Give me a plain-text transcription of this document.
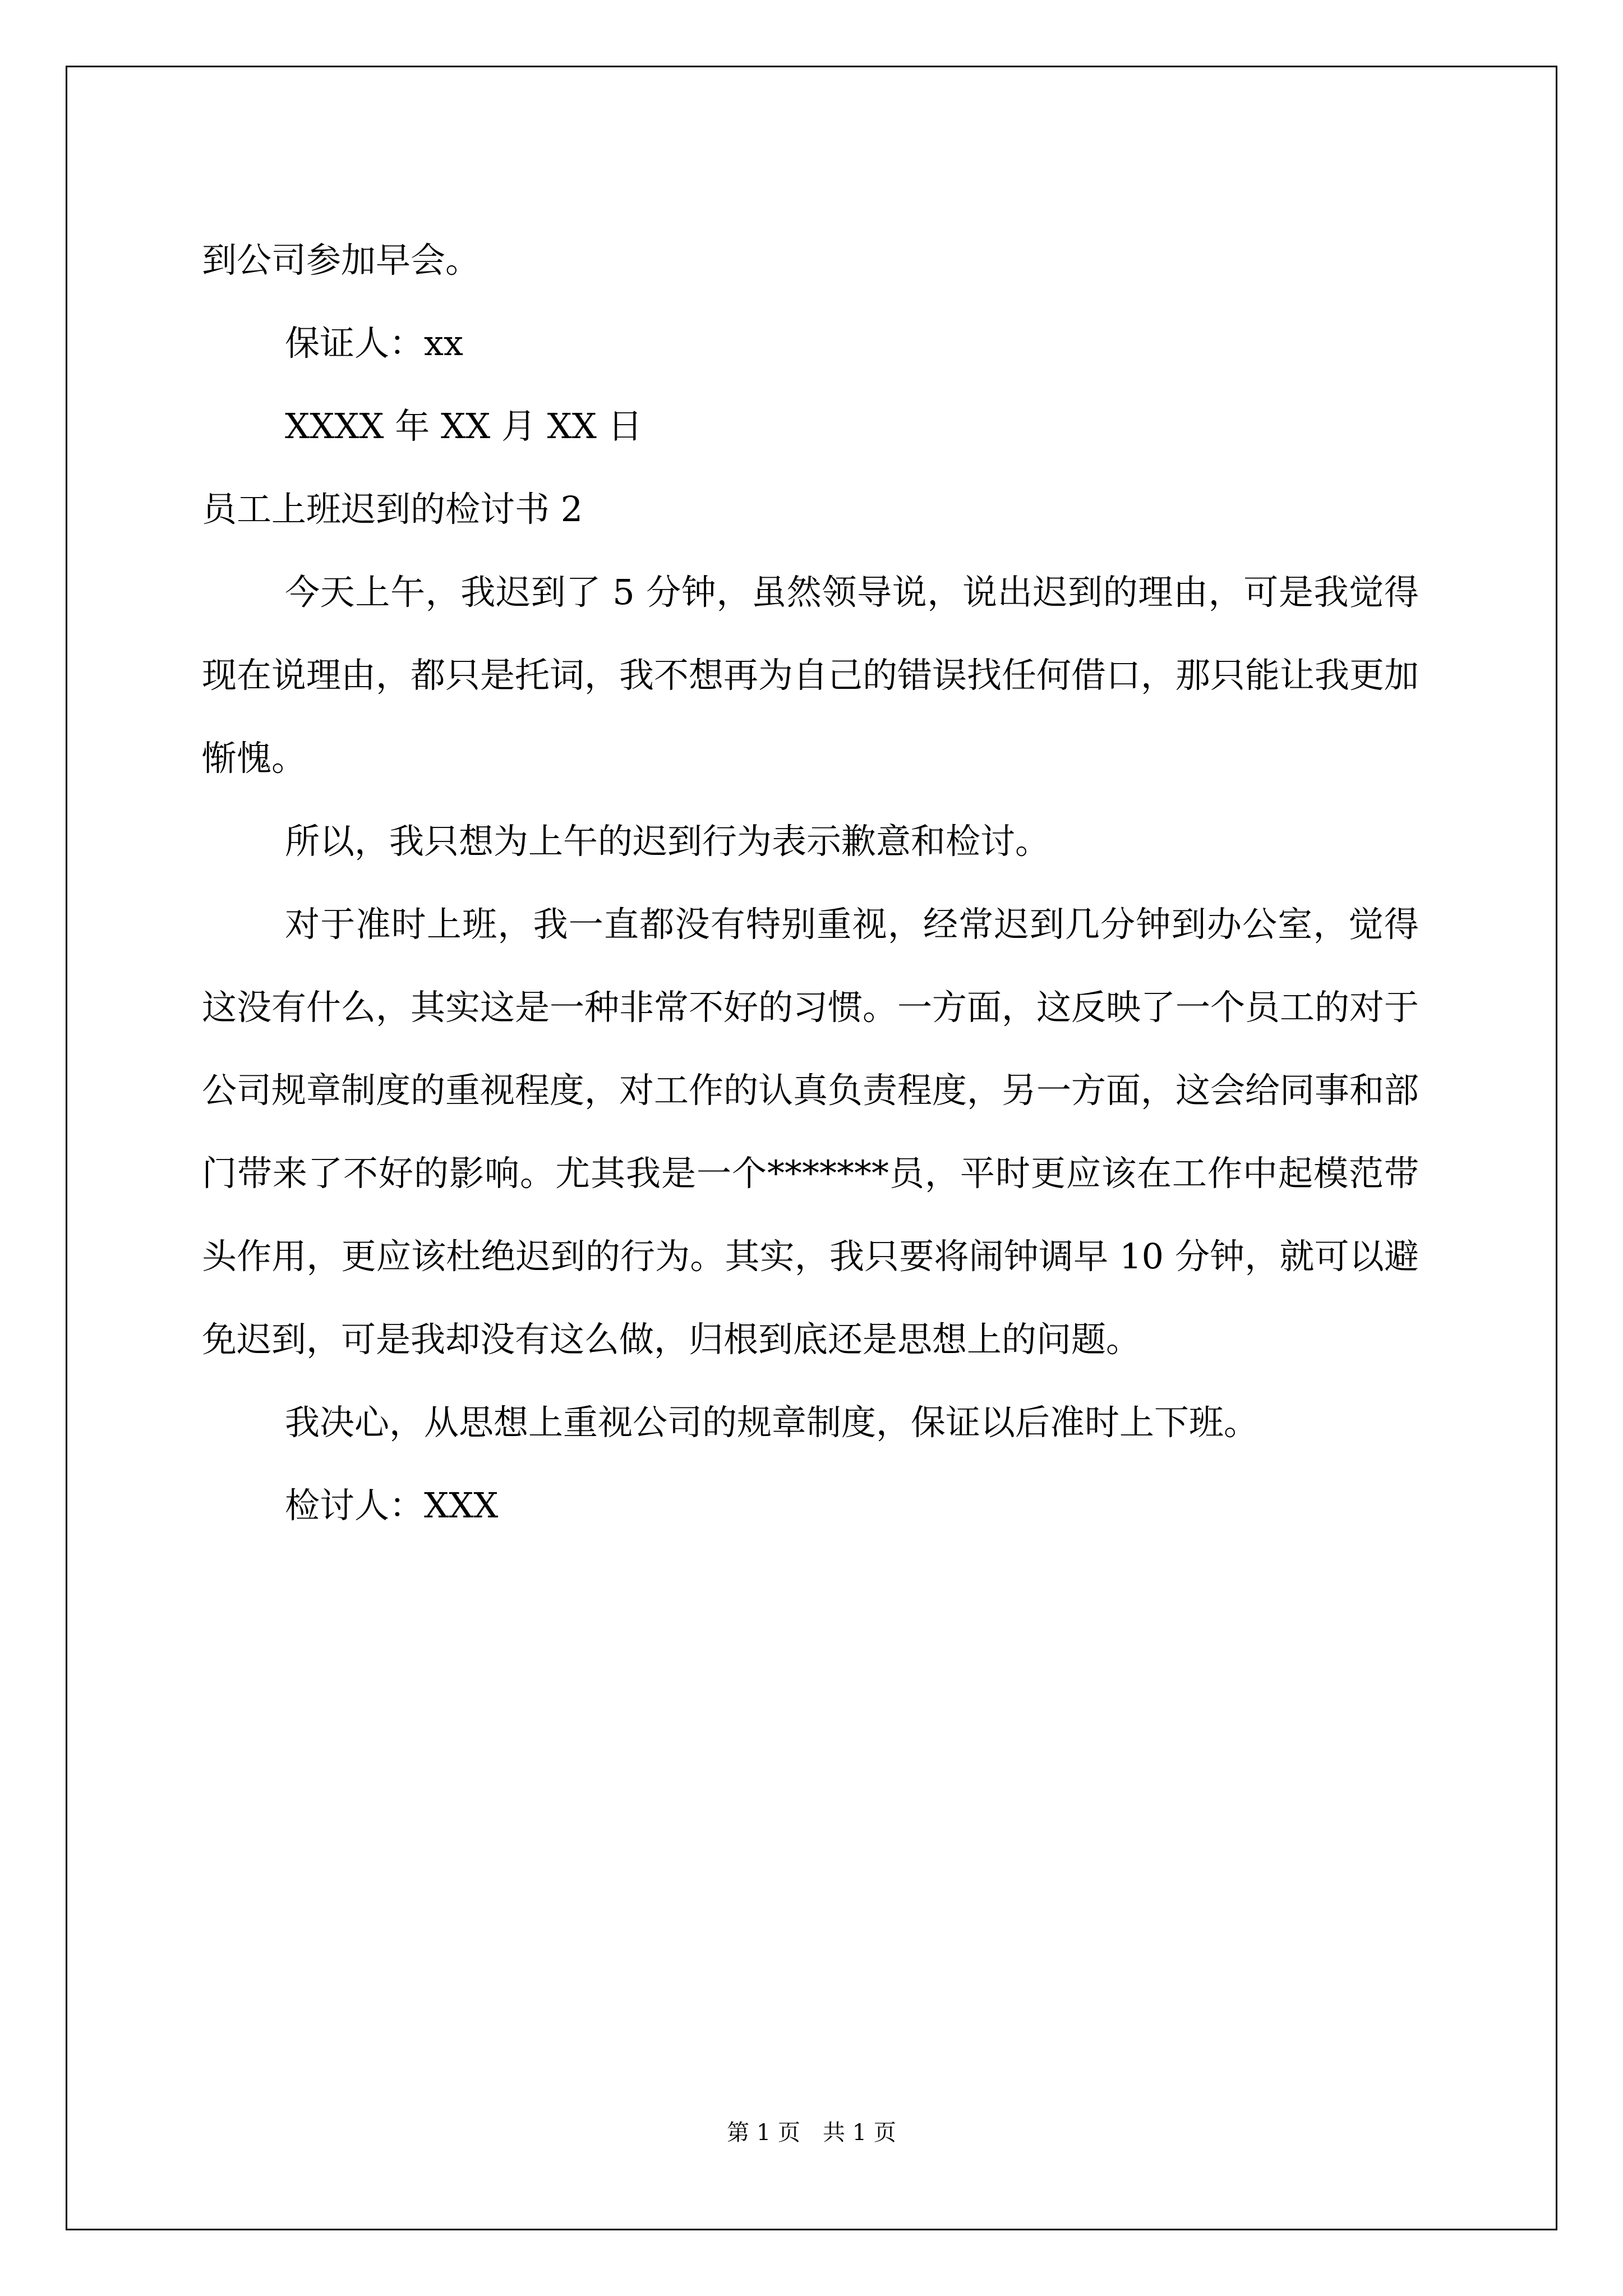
到公司参加早会。

保证人：xx

XXXX 年 XX 月 XX 日

员工上班迟到的检讨书 2

今天上午，我迟到了 5 分钟，虽然领导说，说出迟到的理由，可是我觉得现在说理由，都只是托词，我不想再为自己的错误找任何借口，那只能让我更加惭愧。

所以，我只想为上午的迟到行为表示歉意和检讨。

对于准时上班，我一直都没有特别重视，经常迟到几分钟到办公室，觉得这没有什么，其实这是一种非常不好的习惯。一方面，这反映了一个员工的对于公司规章制度的重视程度，对工作的认真负责程度，另一方面，这会给同事和部门带来了不好的影响。尤其我是一个*******员，平时更应该在工作中起模范带头作用，更应该杜绝迟到的行为。其实，我只要将闹钟调早 10 分钟，就可以避免迟到，可是我却没有这么做，归根到底还是思想上的问题。

我决心，从思想上重视公司的规章制度，保证以后准时上下班。

检讨人：XXX

第 1 页 共 1 页
